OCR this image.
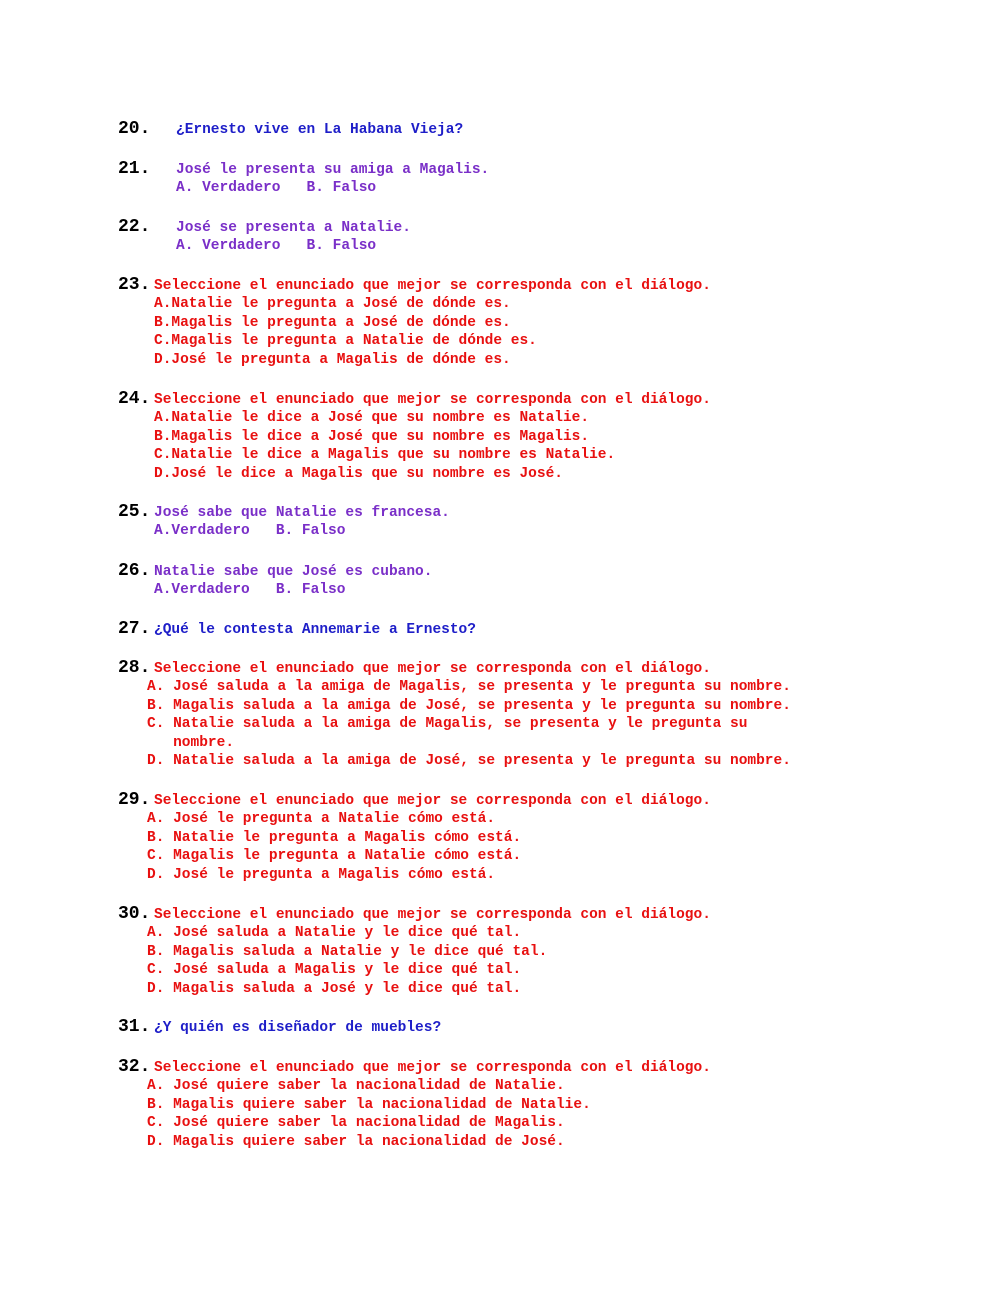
20. ¿Ernesto vive en La Habana Vieja?
21. José le presenta su amiga a Magalis.
A. Verdadero   B. Falso
22. José se presenta a Natalie.
A. Verdadero   B. Falso
23. Seleccione el enunciado que mejor se corresponda con el diálogo.
A.Natalie le pregunta a José de dónde es.
B.Magalis le pregunta a José de dónde es.
C.Magalis le pregunta a Natalie de dónde es.
D.José le pregunta a Magalis de dónde es.
24. Seleccione el enunciado que mejor se corresponda con el diálogo.
A.Natalie le dice a José que su nombre es Natalie.
B.Magalis le dice a José que su nombre es Magalis.
C.Natalie le dice a Magalis que su nombre es Natalie.
D.José le dice a Magalis que su nombre es José.
25. José sabe que Natalie es francesa.
A.Verdadero   B. Falso
26. Natalie sabe que José es cubano.
A.Verdadero   B. Falso
27. ¿Qué le contesta Annemarie a Ernesto?
28. Seleccione el enunciado que mejor se corresponda con el diálogo.
A. José saluda a la amiga de Magalis, se presenta y le pregunta su nombre.
B. Magalis saluda a la amiga de José, se presenta y le pregunta su nombre.
C. Natalie saluda a la amiga de Magalis, se presenta y le pregunta su
nombre.
D. Natalie saluda a la amiga de José, se presenta y le pregunta su nombre.
29. Seleccione el enunciado que mejor se corresponda con el diálogo.
A. José le pregunta a Natalie cómo está.
B. Natalie le pregunta a Magalis cómo está.
C. Magalis le pregunta a Natalie cómo está.
D. José le pregunta a Magalis cómo está.
30. Seleccione el enunciado que mejor se corresponda con el diálogo.
A. José saluda a Natalie y le dice qué tal.
B. Magalis saluda a Natalie y le dice qué tal.
C. José saluda a Magalis y le dice qué tal.
D. Magalis saluda a José y le dice qué tal.
31. ¿Y quién es diseñador de muebles?
32. Seleccione el enunciado que mejor se corresponda con el diálogo.
A. José quiere saber la nacionalidad de Natalie.
B. Magalis quiere saber la nacionalidad de Natalie.
C. José quiere saber la nacionalidad de Magalis.
D. Magalis quiere saber la nacionalidad de José.
